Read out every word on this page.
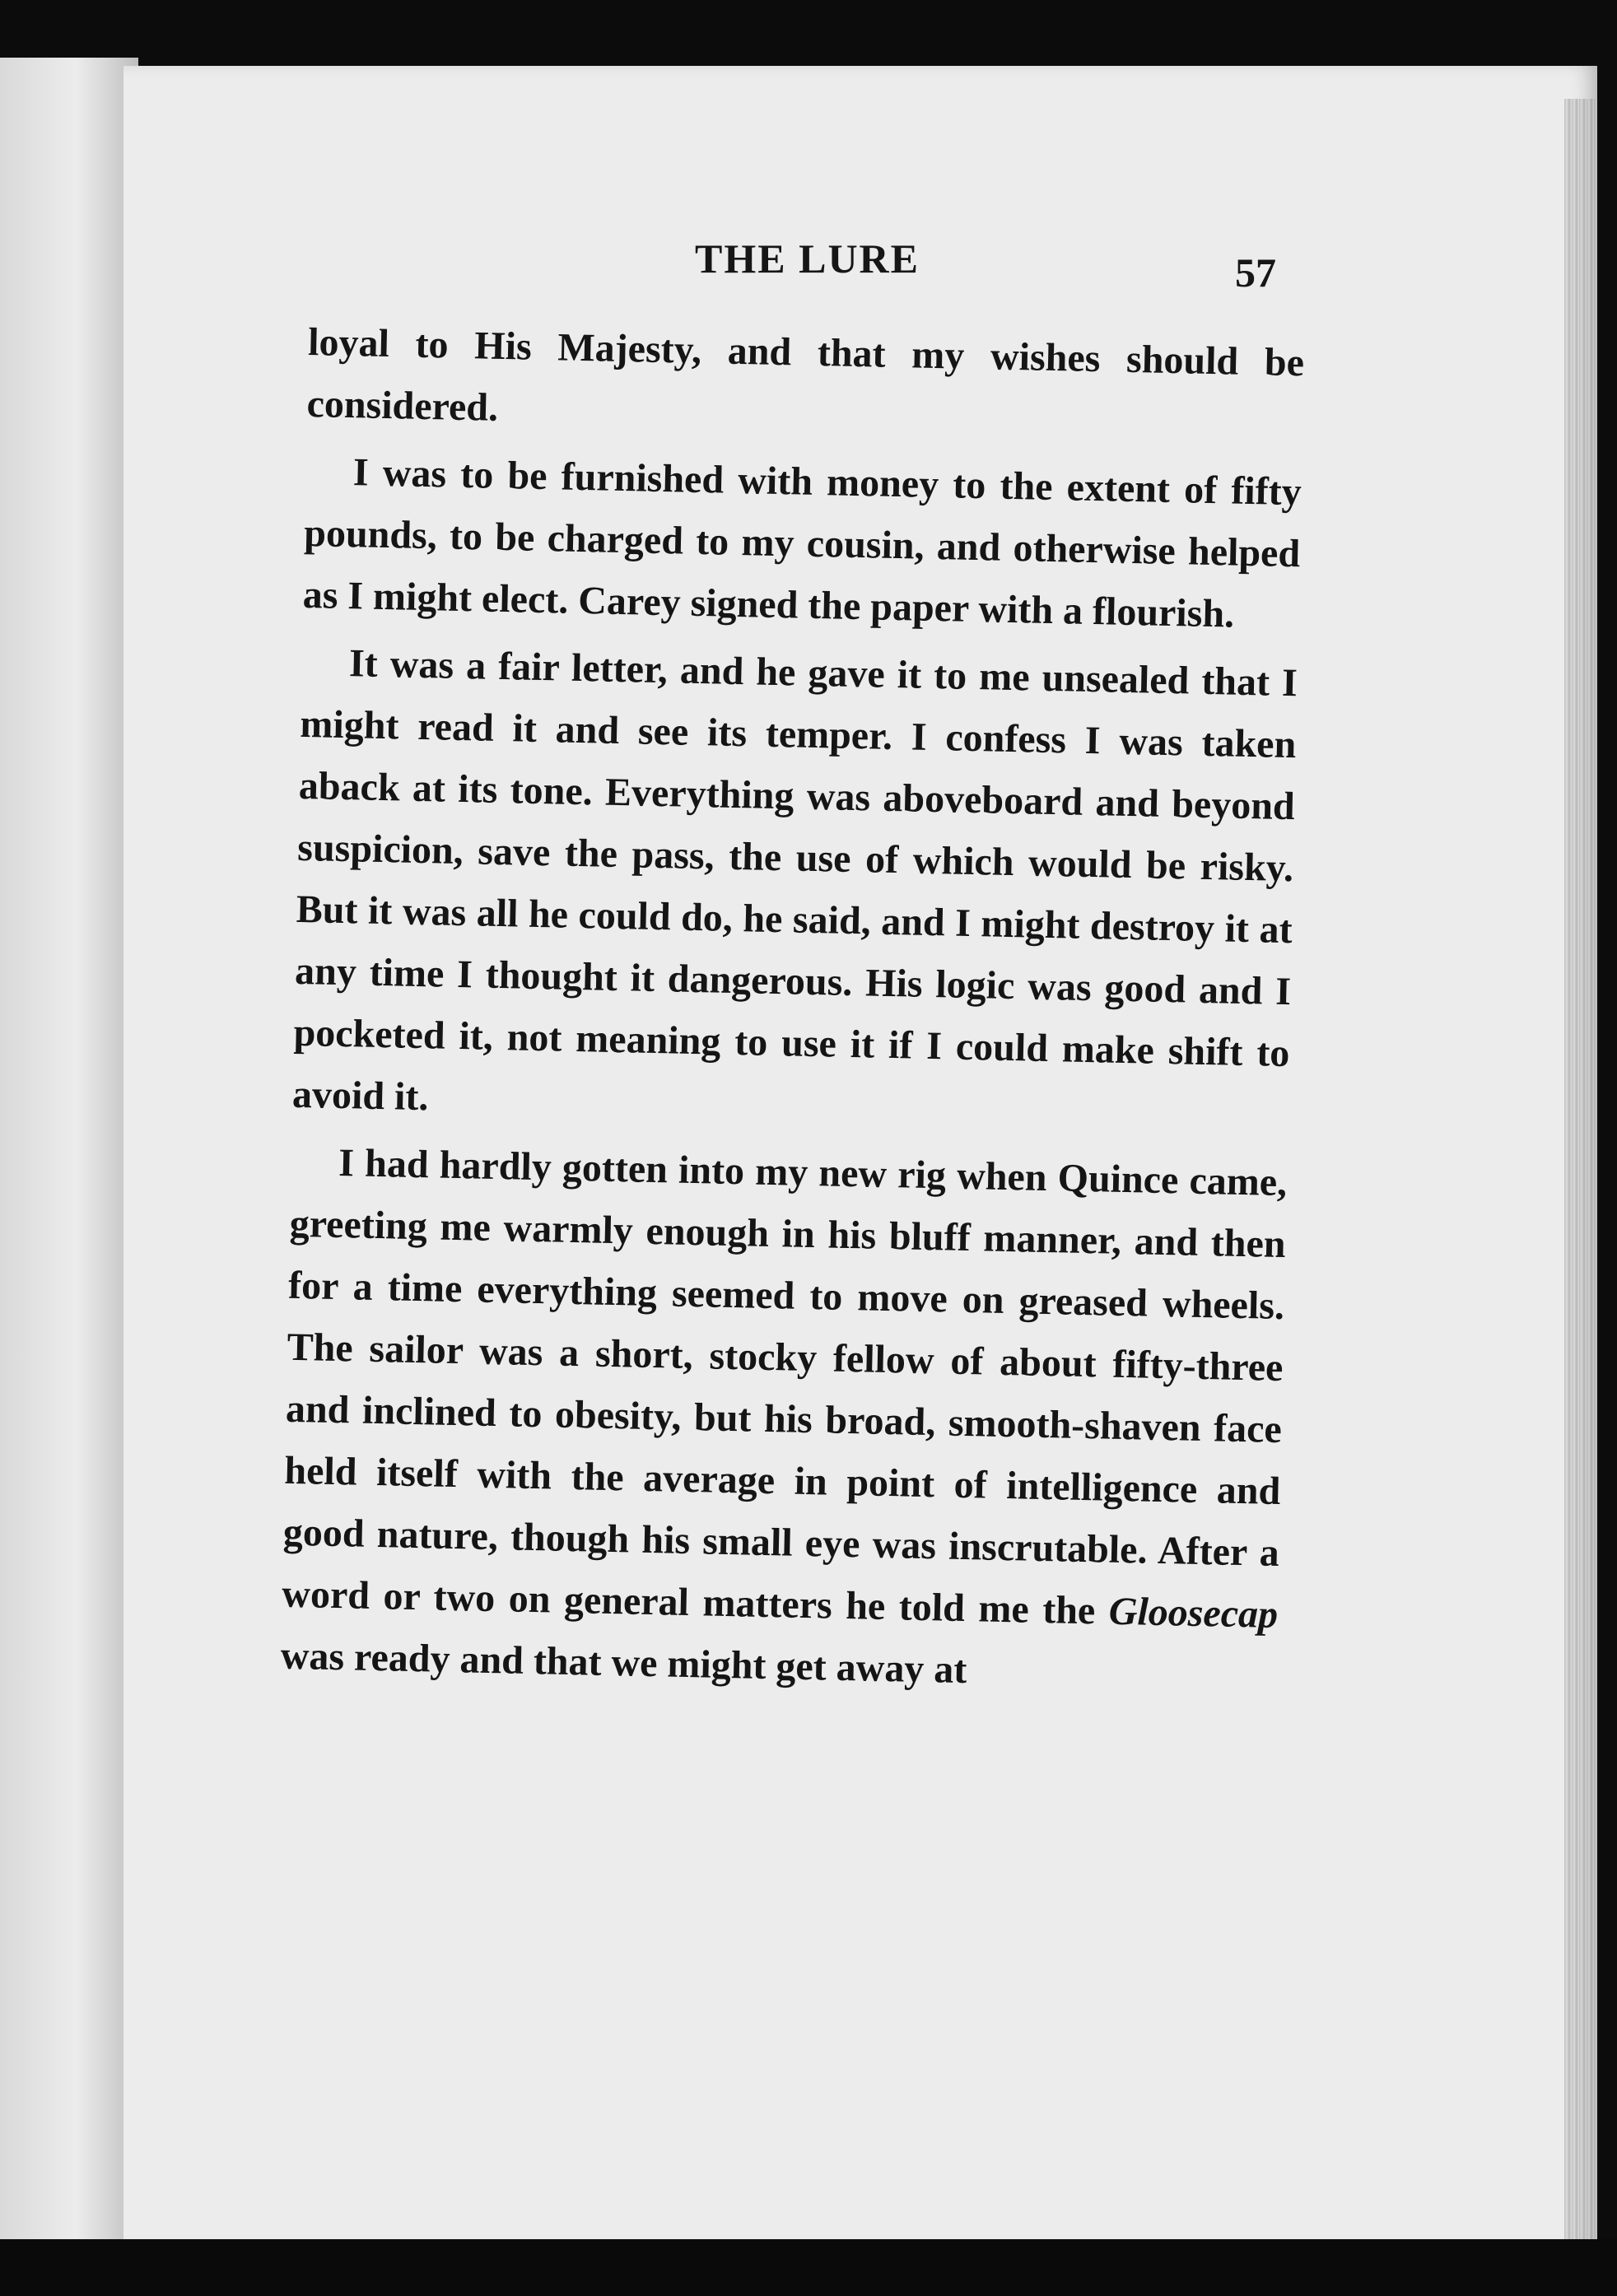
THE LURE	57

loyal to His Majesty, and that my wishes should be considered.

I was to be furnished with money to the extent of fifty pounds, to be charged to my cousin, and otherwise helped as I might elect. Carey signed the paper with a flourish.

It was a fair letter, and he gave it to me unsealed that I might read it and see its temper. I confess I was taken aback at its tone. Everything was aboveboard and beyond suspicion, save the pass, the use of which would be risky. But it was all he could do, he said, and I might destroy it at any time I thought it dangerous. His logic was good and I pocketed it, not meaning to use it if I could make shift to avoid it.

I had hardly gotten into my new rig when Quince came, greeting me warmly enough in his bluff manner, and then for a time everything seemed to move on greased wheels. The sailor was a short, stocky fellow of about fifty-three and inclined to obesity, but his broad, smooth-shaven face held itself with the average in point of intelligence and good nature, though his small eye was inscrutable. After a word or two on general matters he told me the Gloosecap was ready and that we might get away at
